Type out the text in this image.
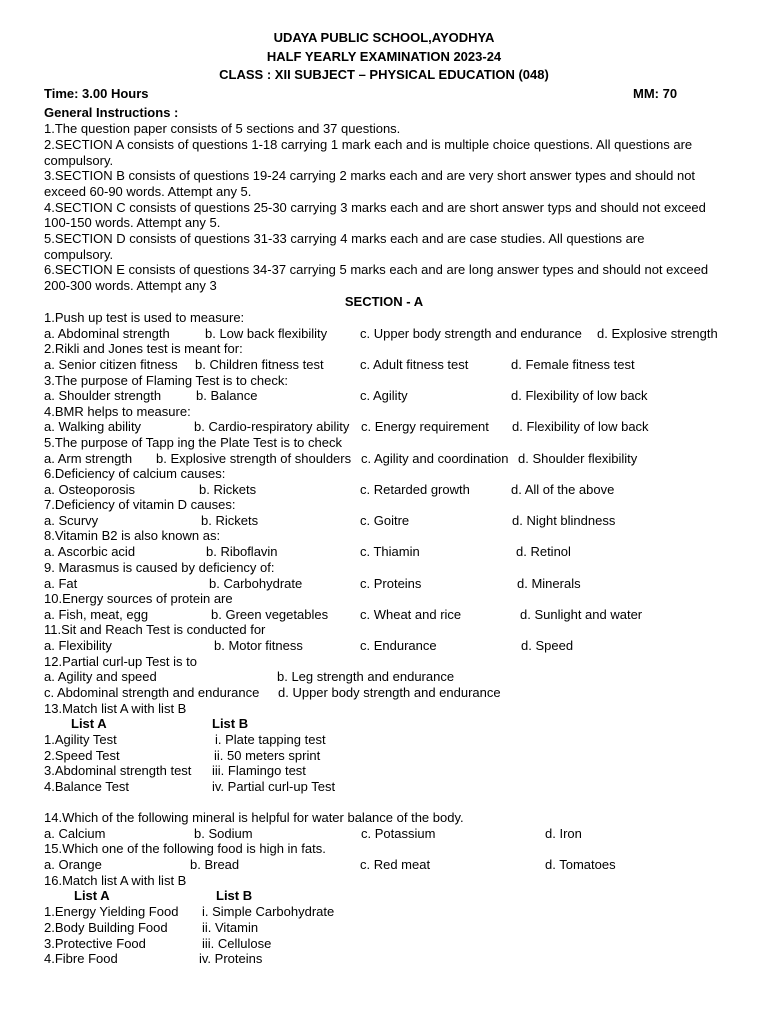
UDAYA PUBLIC SCHOOL,AYODHYA
HALF YEARLY EXAMINATION 2023-24
CLASS : XII SUBJECT – PHYSICAL EDUCATION (048)
Time: 3.00 Hours	MM: 70
General Instructions :
1.The question paper consists of 5 sections and 37 questions.
2.SECTION A consists of questions 1-18 carrying 1 mark each and is multiple choice questions. All questions are
compulsory.
3.SECTION B consists of questions 19-24 carrying 2 marks each and are very short answer types and should not
exceed 60-90 words. Attempt any 5.
4.SECTION C consists of questions 25-30 carrying 3 marks each and are short answer typs and should not exceed
100-150 words. Attempt any 5.
5.SECTION D consists of questions 31-33 carrying 4 marks each and are case studies. All questions are
compulsory.
6.SECTION E consists of questions 34-37 carrying 5 marks each and are long answer types and should not exceed
200-300 words. Attempt any 3
SECTION - A
1.Push up test is used to measure:
a. Abdominal strength	b. Low back flexibility	c. Upper body strength and endurance d. Explosive strength
2.Rikli and Jones test is meant for:
a. Senior citizen fitness b. Children fitness test	c. Adult fitness test	d. Female fitness test
3.The purpose of Flaming Test is to check:
a. Shoulder strength	b. Balance	c. Agility	d. Flexibility of low back
4.BMR helps to measure:
a. Walking ability	b. Cardio-respiratory ability c. Energy requirement d. Flexibility of low back
5.The purpose of Tapp ing the Plate Test is to check
a. Arm strength b. Explosive strength of shoulders c. Agility and coordination d. Shoulder flexibility
6.Deficiency of calcium causes:
a. Osteoporosis	b. Rickets	c. Retarded growth	d. All of the above
7.Deficiency of vitamin D causes:
a. Scurvy	b. Rickets	c. Goitre	d. Night blindness
8.Vitamin B2 is also known as:
a. Ascorbic acid	b. Riboflavin	c. Thiamin	d. Retinol
9. Marasmus is caused by deficiency of:
a. Fat	b. Carbohydrate	c. Proteins	d. Minerals
10.Energy sources of protein are
a. Fish, meat, egg	b. Green vegetables c. Wheat and rice	d. Sunlight and water
11.Sit and Reach Test is conducted for
a. Flexibility	b. Motor fitness	c. Endurance	d. Speed
12.Partial curl-up Test is to
a. Agility and speed	b. Leg strength and endurance
c. Abdominal strength and endurance d. Upper body strength and endurance
13.Match list A with list B
List A	List B
1.Agility Test	i. Plate tapping test
2.Speed Test	ii. 50 meters sprint
3.Abdominal strength test iii. Flamingo test
4.Balance Test	iv. Partial curl-up Test
14.Which of the following mineral is helpful for water balance of the body.
a. Calcium	b. Sodium	c. Potassium	d. Iron
15.Which one of the following food is high in fats.
a. Orange	b. Bread	c. Red meat	d. Tomatoes
16.Match list A with list B
List A	List B
1.Energy Yielding Food i. Simple Carbohydrate
2.Body Building Food	ii. Vitamin
3.Protective Food	iii. Cellulose
4.Fibre Food	iv. Proteins
